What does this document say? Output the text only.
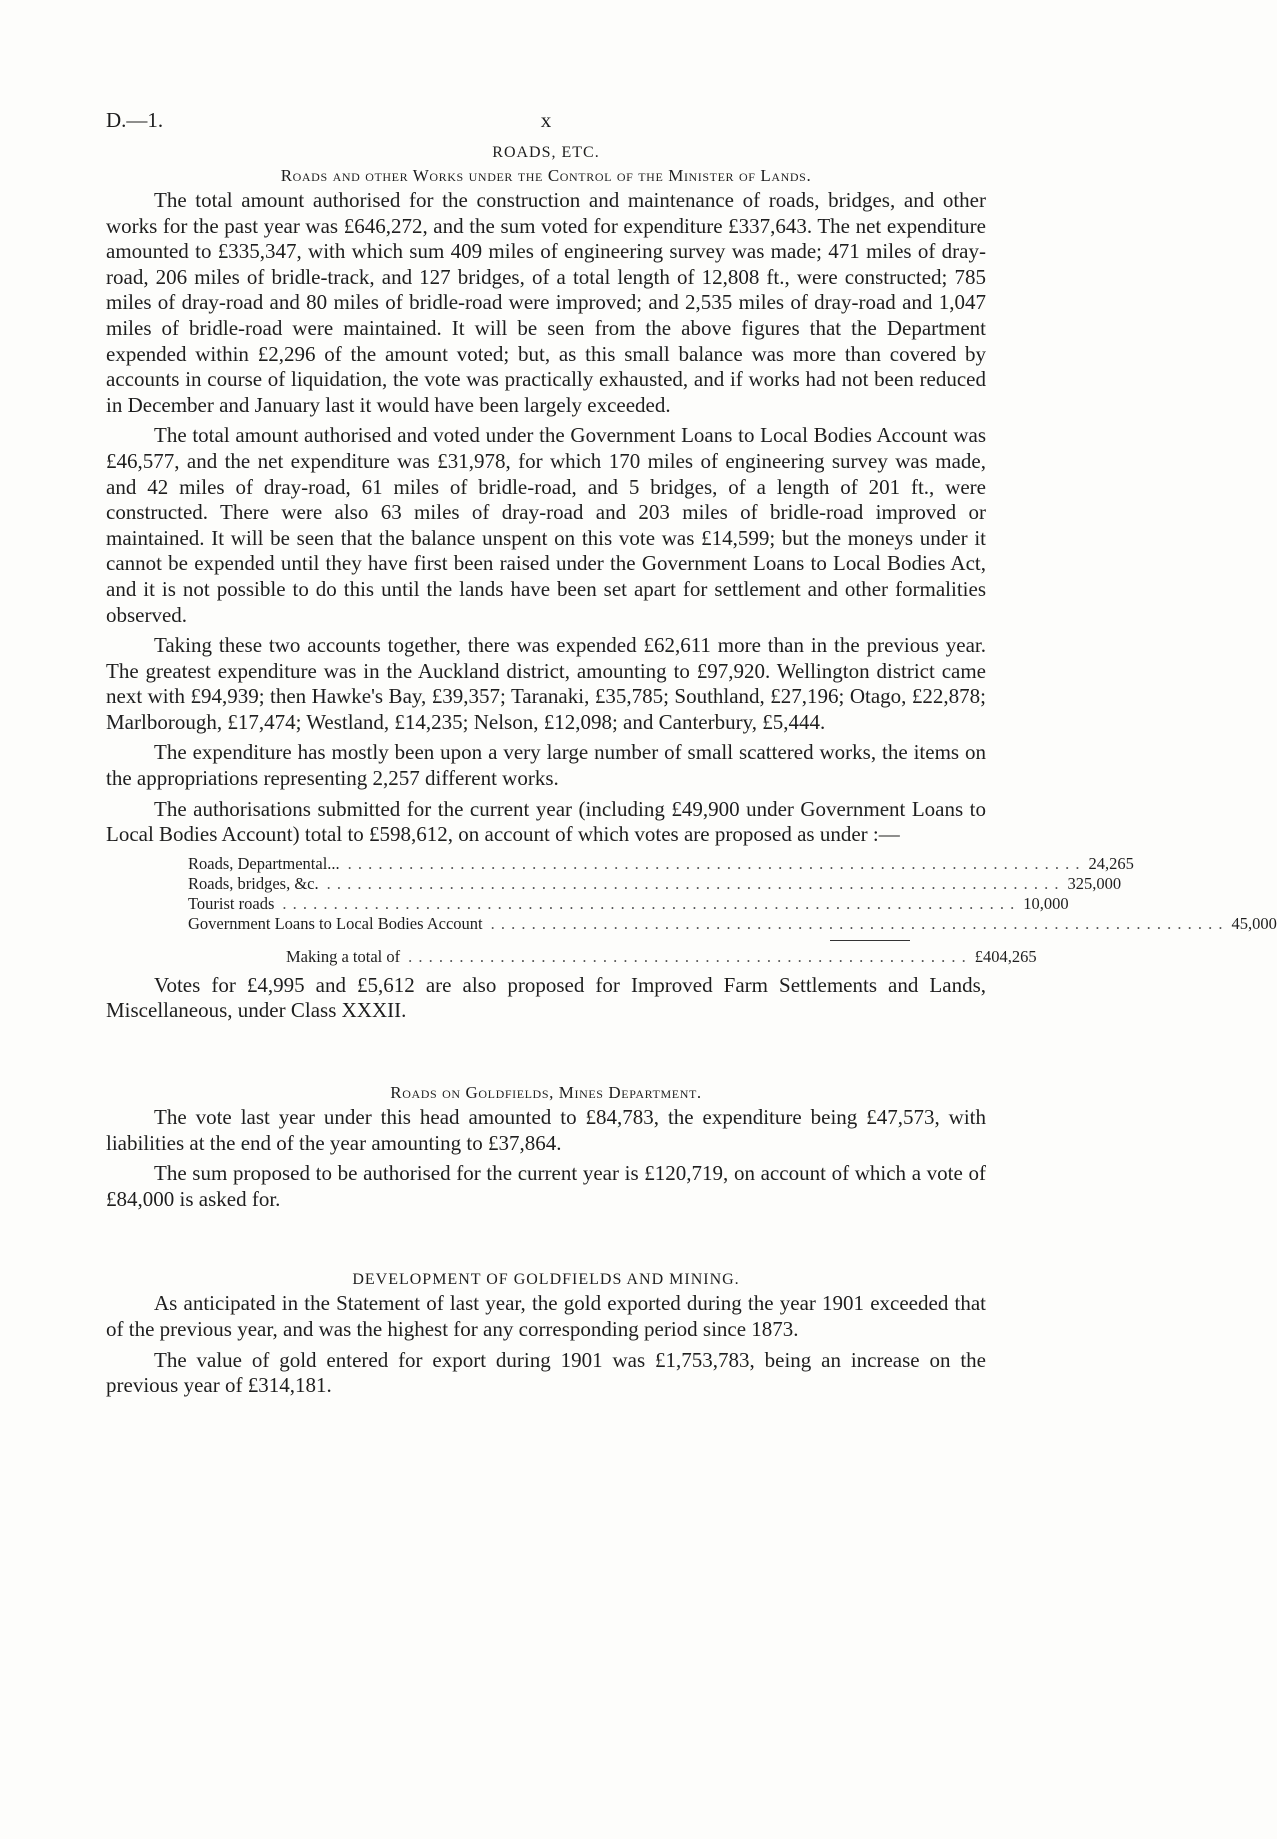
D.—1.	x

ROADS, ETC.

Roads and other Works under the Control of the Minister of Lands.

The total amount authorised for the construction and maintenance of roads, bridges, and other works for the past year was £646,272, and the sum voted for expenditure £337,643. The net expenditure amounted to £335,347, with which sum 409 miles of engineering survey was made; 471 miles of dray-road, 206 miles of bridle-track, and 127 bridges, of a total length of 12,808 ft., were constructed; 785 miles of dray-road and 80 miles of bridle-road were improved; and 2,535 miles of dray-road and 1,047 miles of bridle-road were maintained. It will be seen from the above figures that the Department expended within £2,296 of the amount voted; but, as this small balance was more than covered by accounts in course of liquidation, the vote was practically exhausted, and if works had not been reduced in December and January last it would have been largely exceeded.

The total amount authorised and voted under the Government Loans to Local Bodies Account was £46,577, and the net expenditure was £31,978, for which 170 miles of engineering survey was made, and 42 miles of dray-road, 61 miles of bridle-road, and 5 bridges, of a length of 201 ft., were constructed. There were also 63 miles of dray-road and 203 miles of bridle-road improved or maintained. It will be seen that the balance unspent on this vote was £14,599; but the moneys under it cannot be expended until they have first been raised under the Government Loans to Local Bodies Act, and it is not possible to do this until the lands have been set apart for settlement and other formalities observed.

Taking these two accounts together, there was expended £62,611 more than in the previous year. The greatest expenditure was in the Auckland district, amounting to £97,920. Wellington district came next with £94,939; then Hawke's Bay, £39,357; Taranaki, £35,785; Southland, £27,196; Otago, £22,878; Marlborough, £17,474; Westland, £14,235; Nelson, £12,098; and Canterbury, £5,444.

The expenditure has mostly been upon a very large number of small scattered works, the items on the appropriations representing 2,257 different works.

The authorisations submitted for the current year (including £49,900 under Government Loans to Local Bodies Account) total to £598,612, on account of which votes are proposed as under :—

Roads, Departmental... . . . . . . . . . . . . . . . . . . . . . . . . . . . . . . . . . . . . . . . . . . . . . . . . . . . . . . . . . . . . . . . . . . . . . . . . 24,265
Roads, bridges, &c. . . . . . . . . . . . . . . . . . . . . . . . . . . . . . . . . . . . . . . . . . . . . . . . . . . . . . . . . . . . . . . . . . . . . . . . . 325,000
Tourist roads . . . . . . . . . . . . . . . . . . . . . . . . . . . . . . . . . . . . . . . . . . . . . . . . . . . . . . . . . . . . . . . . . . . . . . . . 10,000
Government Loans to Local Bodies Account . . . . . . . . . . . . . . . . . . . . . . . . . . . . . . . . . . . . . . . . . . . . . . . . . . . . . . . . . . . . . . . . . . . . . . . . 45,000
Making a total of . . . . . . . . . . . . . . . . . . . . . . . . . . . . . . . . . . . . . . . . . . . . . . . . . . . . . . . £404,265

Votes for £4,995 and £5,612 are also proposed for Improved Farm Settlements and Lands, Miscellaneous, under Class XXXII.

Roads on Goldfields, Mines Department.

The vote last year under this head amounted to £84,783, the expenditure being £47,573, with liabilities at the end of the year amounting to £37,864.

The sum proposed to be authorised for the current year is £120,719, on account of which a vote of £84,000 is asked for.

DEVELOPMENT OF GOLDFIELDS AND MINING.

As anticipated in the Statement of last year, the gold exported during the year 1901 exceeded that of the previous year, and was the highest for any corresponding period since 1873.

The value of gold entered for export during 1901 was £1,753,783, being an increase on the previous year of £314,181.
